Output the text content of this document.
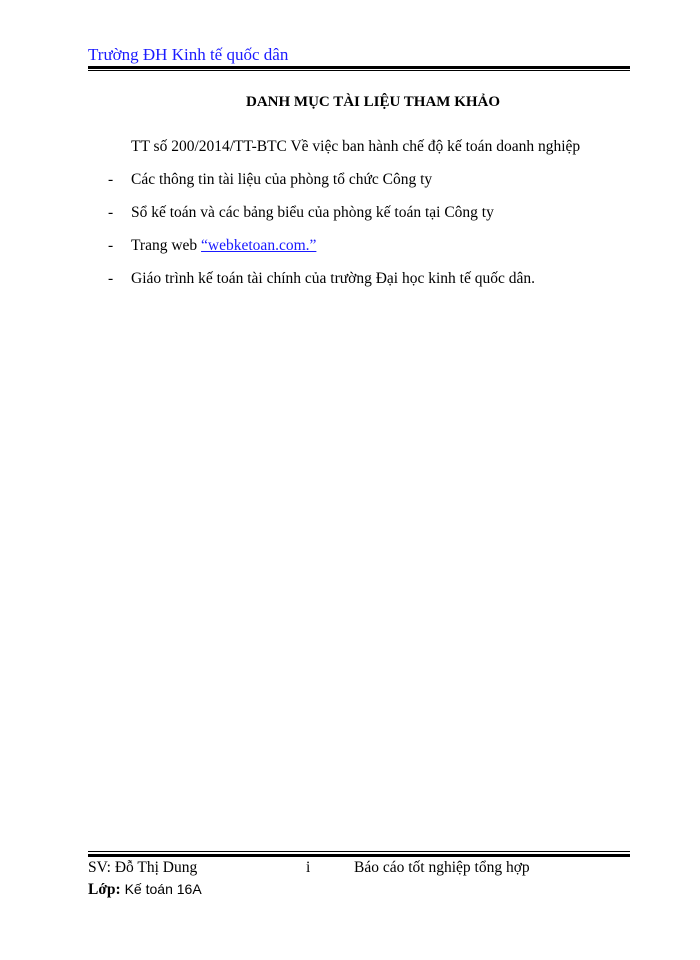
Trường ĐH Kinh tế quốc dân
DANH MỤC TÀI LIỆU THAM KHẢO
TT số 200/2014/TT-BTC Về việc ban hành chế độ kế toán doanh nghiệp
- Các thông tin tài liệu của phòng tổ chức Công ty
- Sổ kế toán và các bảng biểu của phòng kế toán tại Công ty
- Trang web “webketoan.com.”
- Giáo trình kế toán tài chính của trường Đại học kinh tế quốc dân.
SV: Đỗ Thị Dung	i	Báo cáo tốt nghiệp tổng hợp
Lớp: Kế toán 16A
